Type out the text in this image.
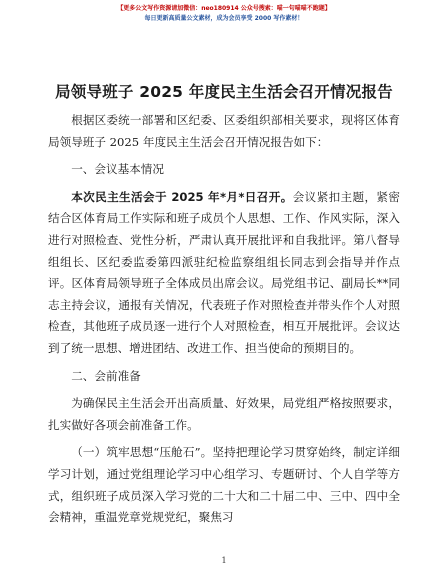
【更多公文写作资源请加微信：neo180914 公众号搜索：喵一句喵喵不跑题】
每日更新高质量公文素材，成为会员享受 2000 写作素材！
局领导班子 2025 年度民主生活会召开情况报告

根据区委统一部署和区纪委、区委组织部相关要求，现将区体育局领导班子 2025 年度民主生活会召开情况报告如下：

一、会议基本情况

本次民主生活会于 2025 年*月*日召开。会议紧扣主题，紧密结合区体育局工作实际和班子成员个人思想、工作、作风实际，深入进行对照检查、党性分析，严肃认真开展批评和自我批评。第八督导组组长、区纪委监委第四派驻纪检监察组组长同志到会指导并作点评。区体育局领导班子全体成员出席会议。局党组书记、副局长**同志主持会议，通报有关情况，代表班子作对照检查并带头作个人对照检查，其他班子成员逐一进行个人对照检查，相互开展批评。会议达到了统一思想、增进团结、改进工作、担当使命的预期目的。

二、会前准备

为确保民主生活会开出高质量、好效果，局党组严格按照要求，扎实做好各项会前准备工作。

（一）筑牢思想“压舱石”。坚持把理论学习贯穿始终，制定详细学习计划，通过党组理论学习中心组学习、专题研讨、个人自学等方式，组织班子成员深入学习党的二十大和二十届二中、三中、四中全会精神，重温党章党规党纪，聚焦习

1
